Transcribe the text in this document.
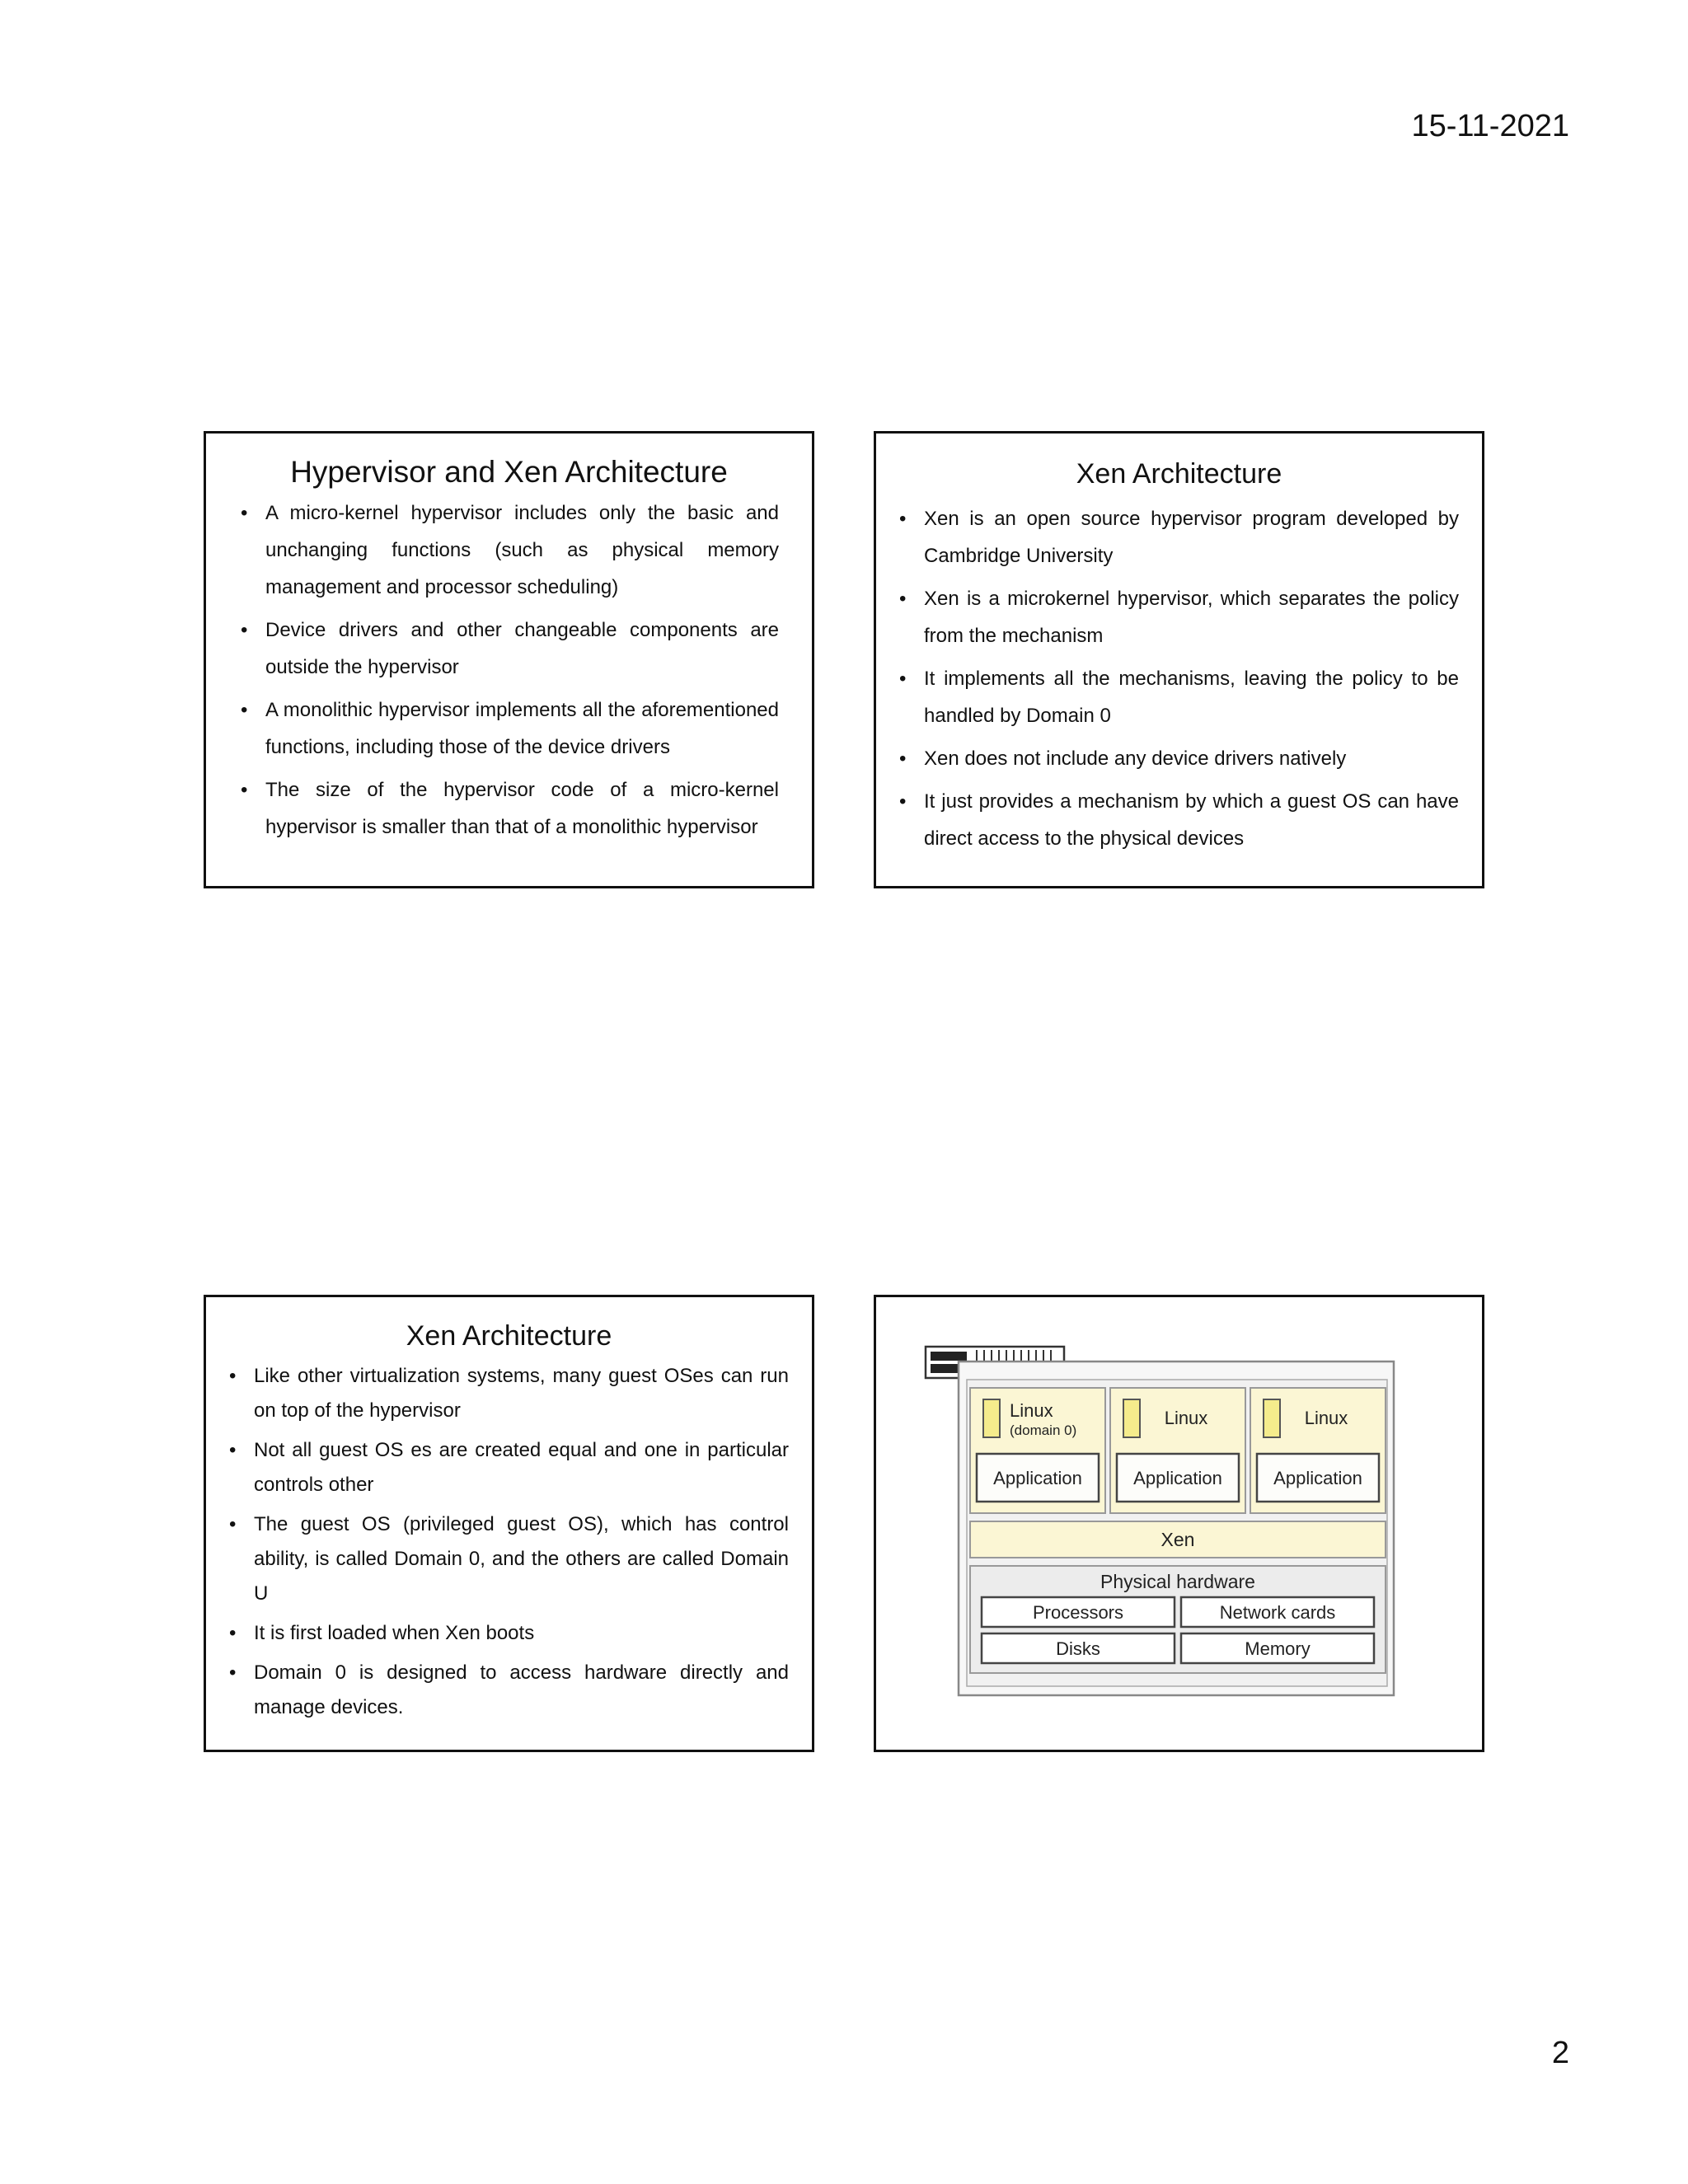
15-11-2021
Hypervisor and Xen Architecture
• A micro-kernel hypervisor includes only the basic and unchanging functions (such as physical memory management and processor scheduling)
• Device drivers and other changeable components are outside the hypervisor
• A monolithic hypervisor implements all the aforementioned functions, including those of the device drivers
• The size of the hypervisor code of a micro-kernel hypervisor is smaller than that of a monolithic hypervisor
Xen Architecture
• Xen is an open source hypervisor program developed by Cambridge University
• Xen is a microkernel hypervisor, which separates the policy from the mechanism
• It implements all the mechanisms, leaving the policy to be handled by Domain 0
• Xen does not include any device drivers natively
• It just provides a mechanism by which a guest OS can have direct access to the physical devices
Xen Architecture
• Like other virtualization systems, many guest OSes can run on top of the hypervisor
• Not all guest OS es are created equal and one in particular controls other
• The guest OS (privileged guest OS), which has control ability, is called Domain 0, and the others are called Domain U
• It is first loaded when Xen boots
• Domain 0 is designed to access hardware directly and manage devices.
Linux
(domain 0)
Application
Linux
Application
Linux
Application
Xen
Physical hardware
Processors	Network cards
Disks	Memory
2
